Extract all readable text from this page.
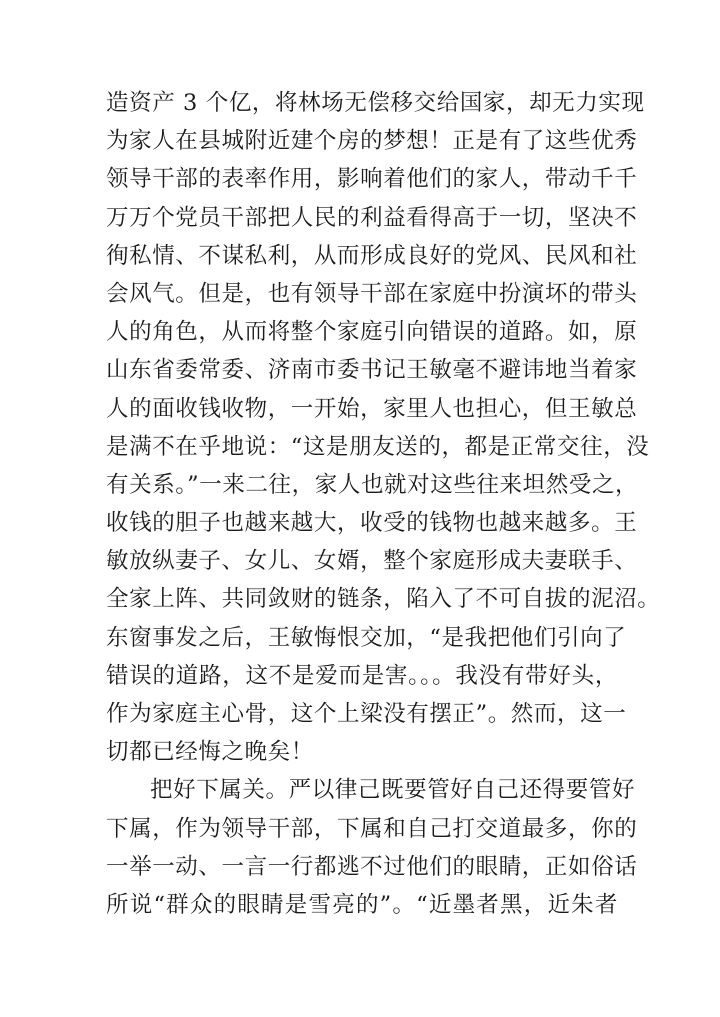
造资产 3 个亿，将林场无偿移交给国家，却无力实现
为家人在县城附近建个房的梦想！正是有了这些优秀
领导干部的表率作用，影响着他们的家人，带动千千
万万个党员干部把人民的利益看得高于一切，坚决不
徇私情、不谋私利，从而形成良好的党风、民风和社
会风气。但是，也有领导干部在家庭中扮演坏的带头
人的角色，从而将整个家庭引向错误的道路。如，原
山东省委常委、济南市委书记王敏毫不避讳地当着家
人的面收钱收物，一开始，家里人也担心，但王敏总
是满不在乎地说：“这是朋友送的，都是正常交往，没
有关系。”一来二往，家人也就对这些往来坦然受之，
收钱的胆子也越来越大，收受的钱物也越来越多。王
敏放纵妻子、女儿、女婿，整个家庭形成夫妻联手、
全家上阵、共同敛财的链条，陷入了不可自拔的泥沼。
东窗事发之后，王敏悔恨交加，“是我把他们引向了
错误的道路，这不是爱而是害。。。我没有带好头，
作为家庭主心骨，这个上梁没有摆正”。然而，这一
切都已经悔之晚矣！
把好下属关。严以律己既要管好自己还得要管好
下属，作为领导干部，下属和自己打交道最多，你的
一举一动、一言一行都逃不过他们的眼睛，正如俗话
所说“群众的眼睛是雪亮的”。“近墨者黑，近朱者
